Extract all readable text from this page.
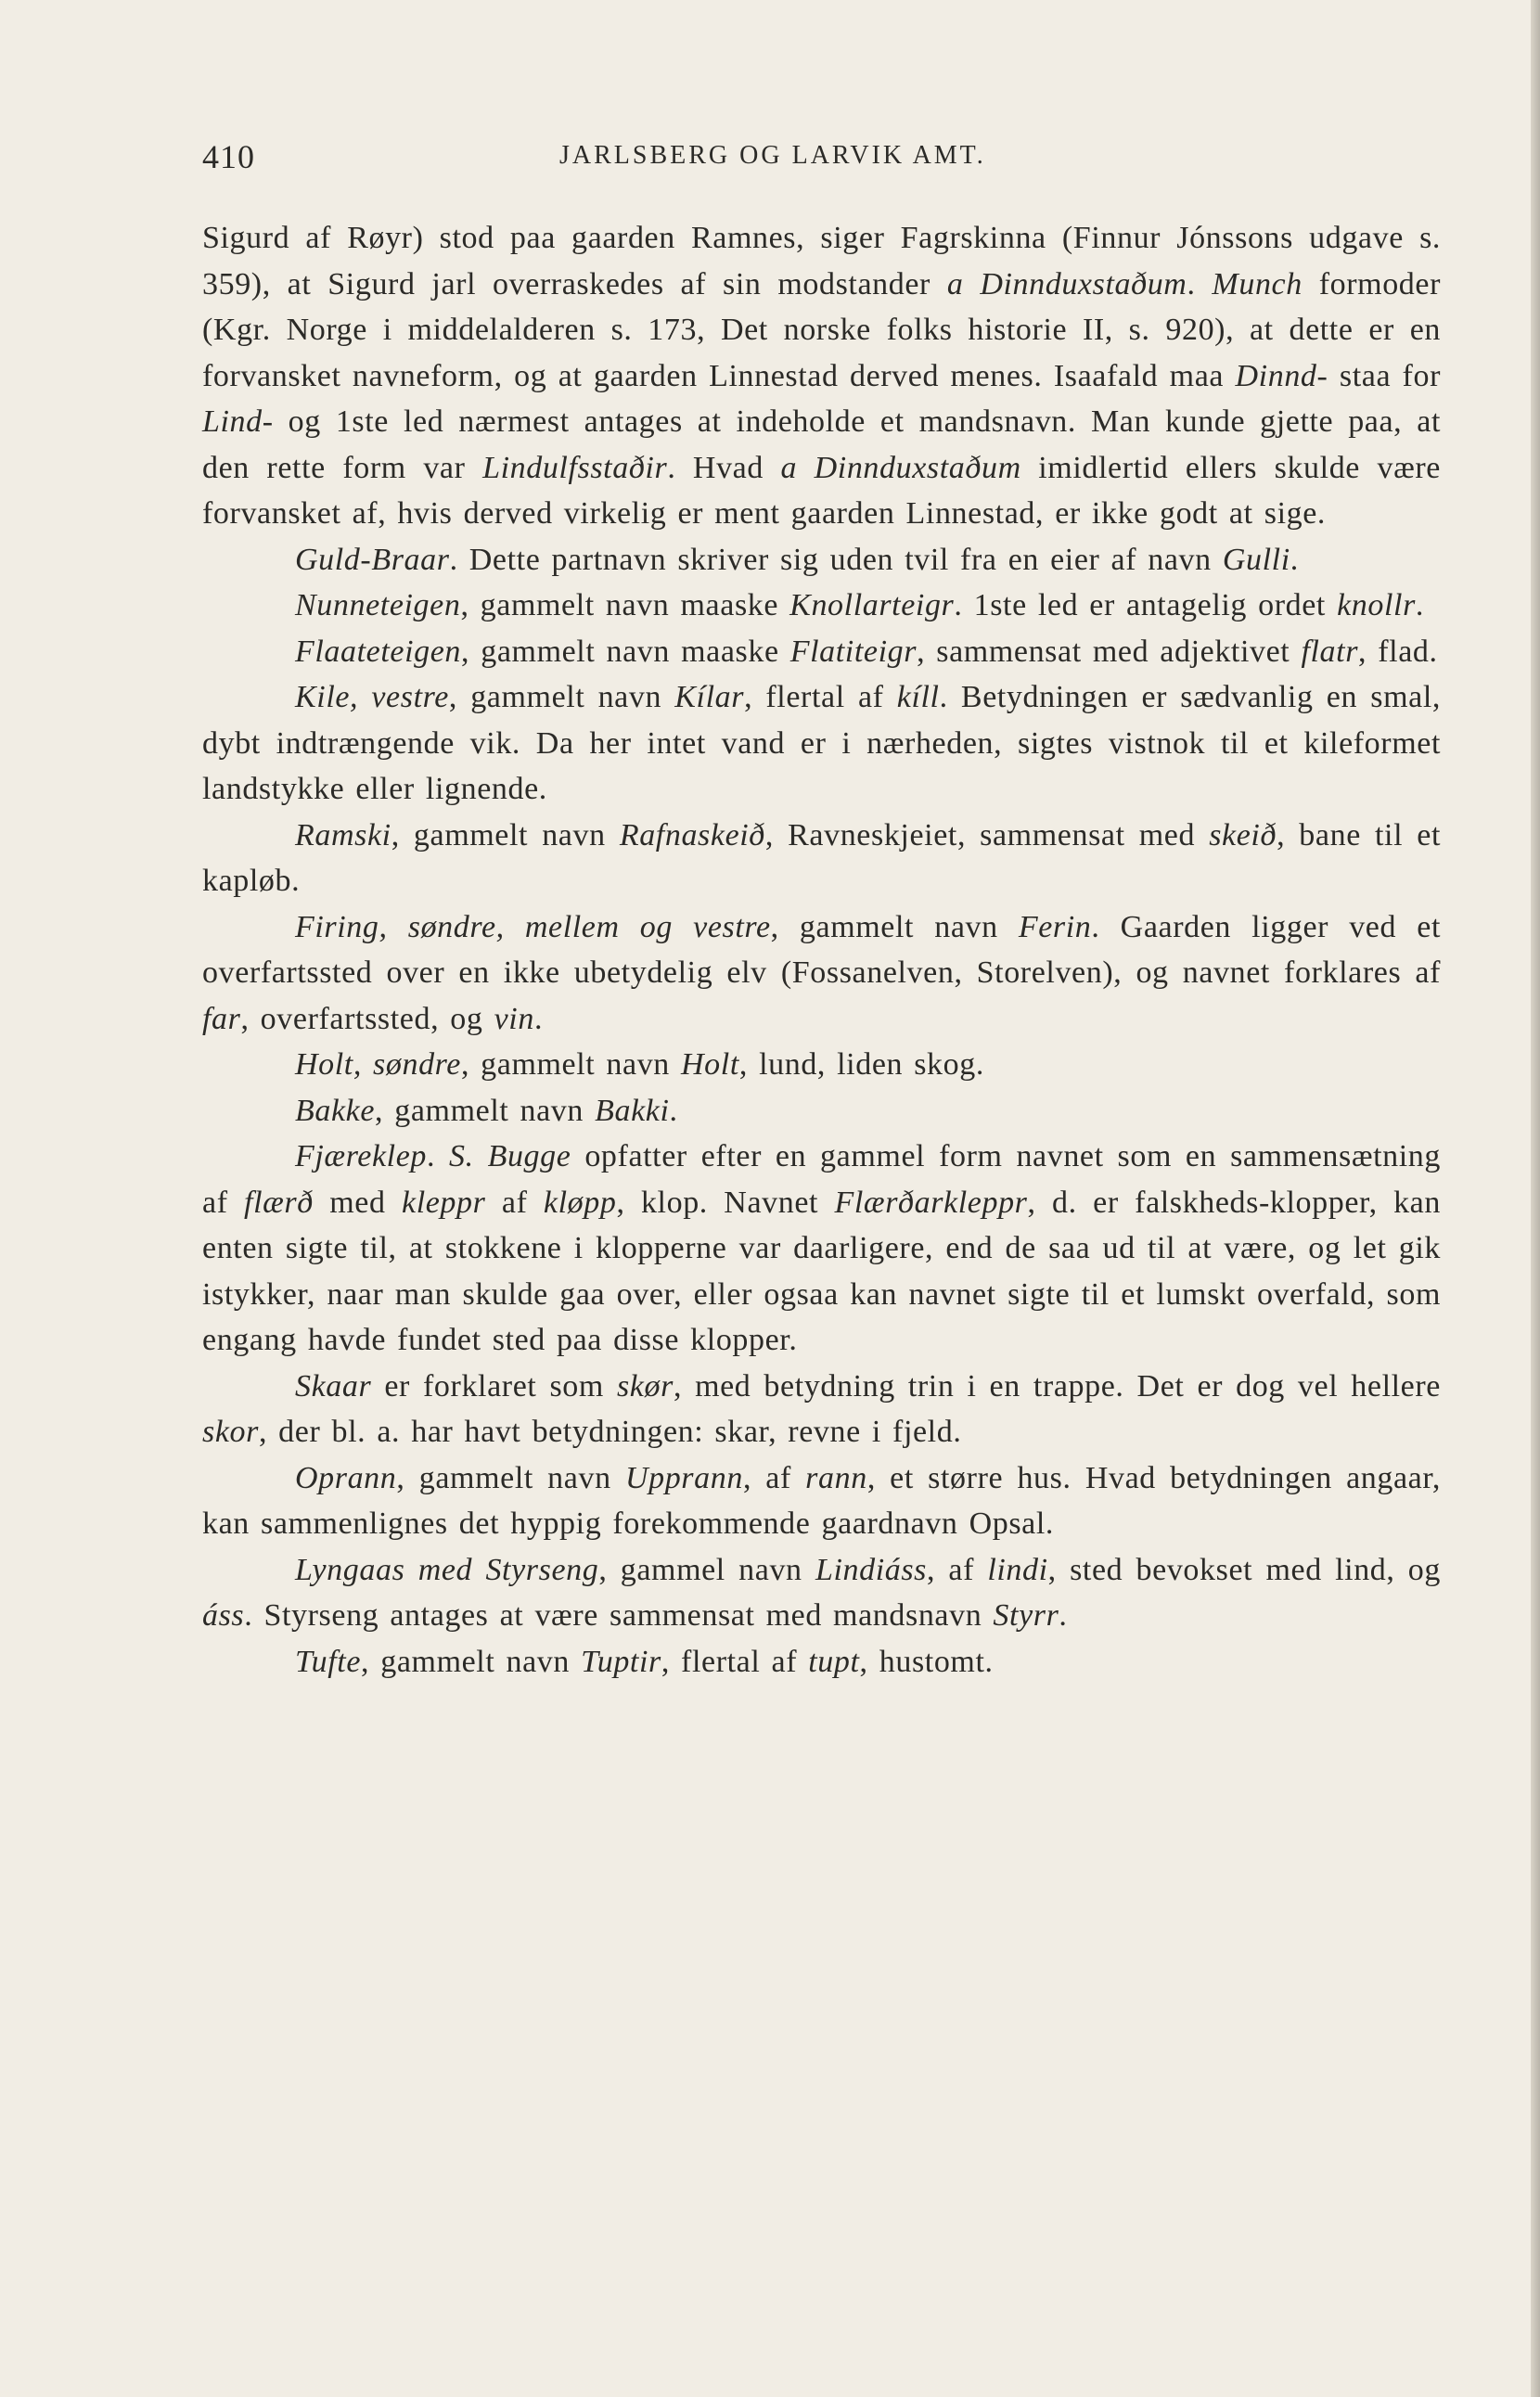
410	JARLSBERG OG LARVIK AMT.

Sigurd af Røyr) stod paa gaarden Ramnes, siger Fagrskinna (Finnur Jónssons udgave s. 359), at Sigurd jarl overraskedes af sin modstander a Dinnduxstaðum. Munch formoder (Kgr. Norge i middelalderen s. 173, Det norske folks historie II, s. 920), at dette er en forvansket navneform, og at gaarden Linnestad derved menes. Isaafald maa Dinnd- staa for Lind- og 1ste led nærmest antages at indeholde et mandsnavn. Man kunde gjette paa, at den rette form var Lindulfsstaðir. Hvad a Dinnduxstaðum imidlertid ellers skulde være forvansket af, hvis derved virkelig er ment gaarden Linnestad, er ikke godt at sige.

Guld-Braar. Dette partnavn skriver sig uden tvil fra en eier af navn Gulli.

Nunneteigen, gammelt navn maaske Knollarteigr. 1ste led er antagelig ordet knollr.

Flaateteigen, gammelt navn maaske Flatiteigr, sammensat med adjektivet flatr, flad.

Kile, vestre, gammelt navn Kílar, flertal af kíll. Betydningen er sædvanlig en smal, dybt indtrængende vik. Da her intet vand er i nærheden, sigtes vistnok til et kileformet landstykke eller lignende.

Ramski, gammelt navn Rafnaskeið, Ravneskjeiet, sammensat med skeið, bane til et kapløb.

Firing, søndre, mellem og vestre, gammelt navn Ferin. Gaarden ligger ved et overfartssted over en ikke ubetydelig elv (Fossanelven, Storelven), og navnet forklares af far, overfartssted, og vin.

Holt, søndre, gammelt navn Holt, lund, liden skog.

Bakke, gammelt navn Bakki.

Fjæreklep. S. Bugge opfatter efter en gammel form navnet som en sammensætning af flærð med kleppr af kløpp, klop. Navnet Flærðarkleppr, d. er falskheds-klopper, kan enten sigte til, at stokkene i klopperne var daarligere, end de saa ud til at være, og let gik istykker, naar man skulde gaa over, eller ogsaa kan navnet sigte til et lumskt overfald, som engang havde fundet sted paa disse klopper.

Skaar er forklaret som skør, med betydning trin i en trappe. Det er dog vel hellere skor, der bl. a. har havt betydningen: skar, revne i fjeld.

Oprann, gammelt navn Upprann, af rann, et større hus. Hvad betydningen angaar, kan sammenlignes det hyppig forekommende gaardnavn Opsal.

Lyngaas med Styrseng, gammel navn Lindiáss, af lindi, sted bevokset med lind, og áss. Styrseng antages at være sammensat med mandsnavn Styrr.

Tufte, gammelt navn Tuptir, flertal af tupt, hustomt.
